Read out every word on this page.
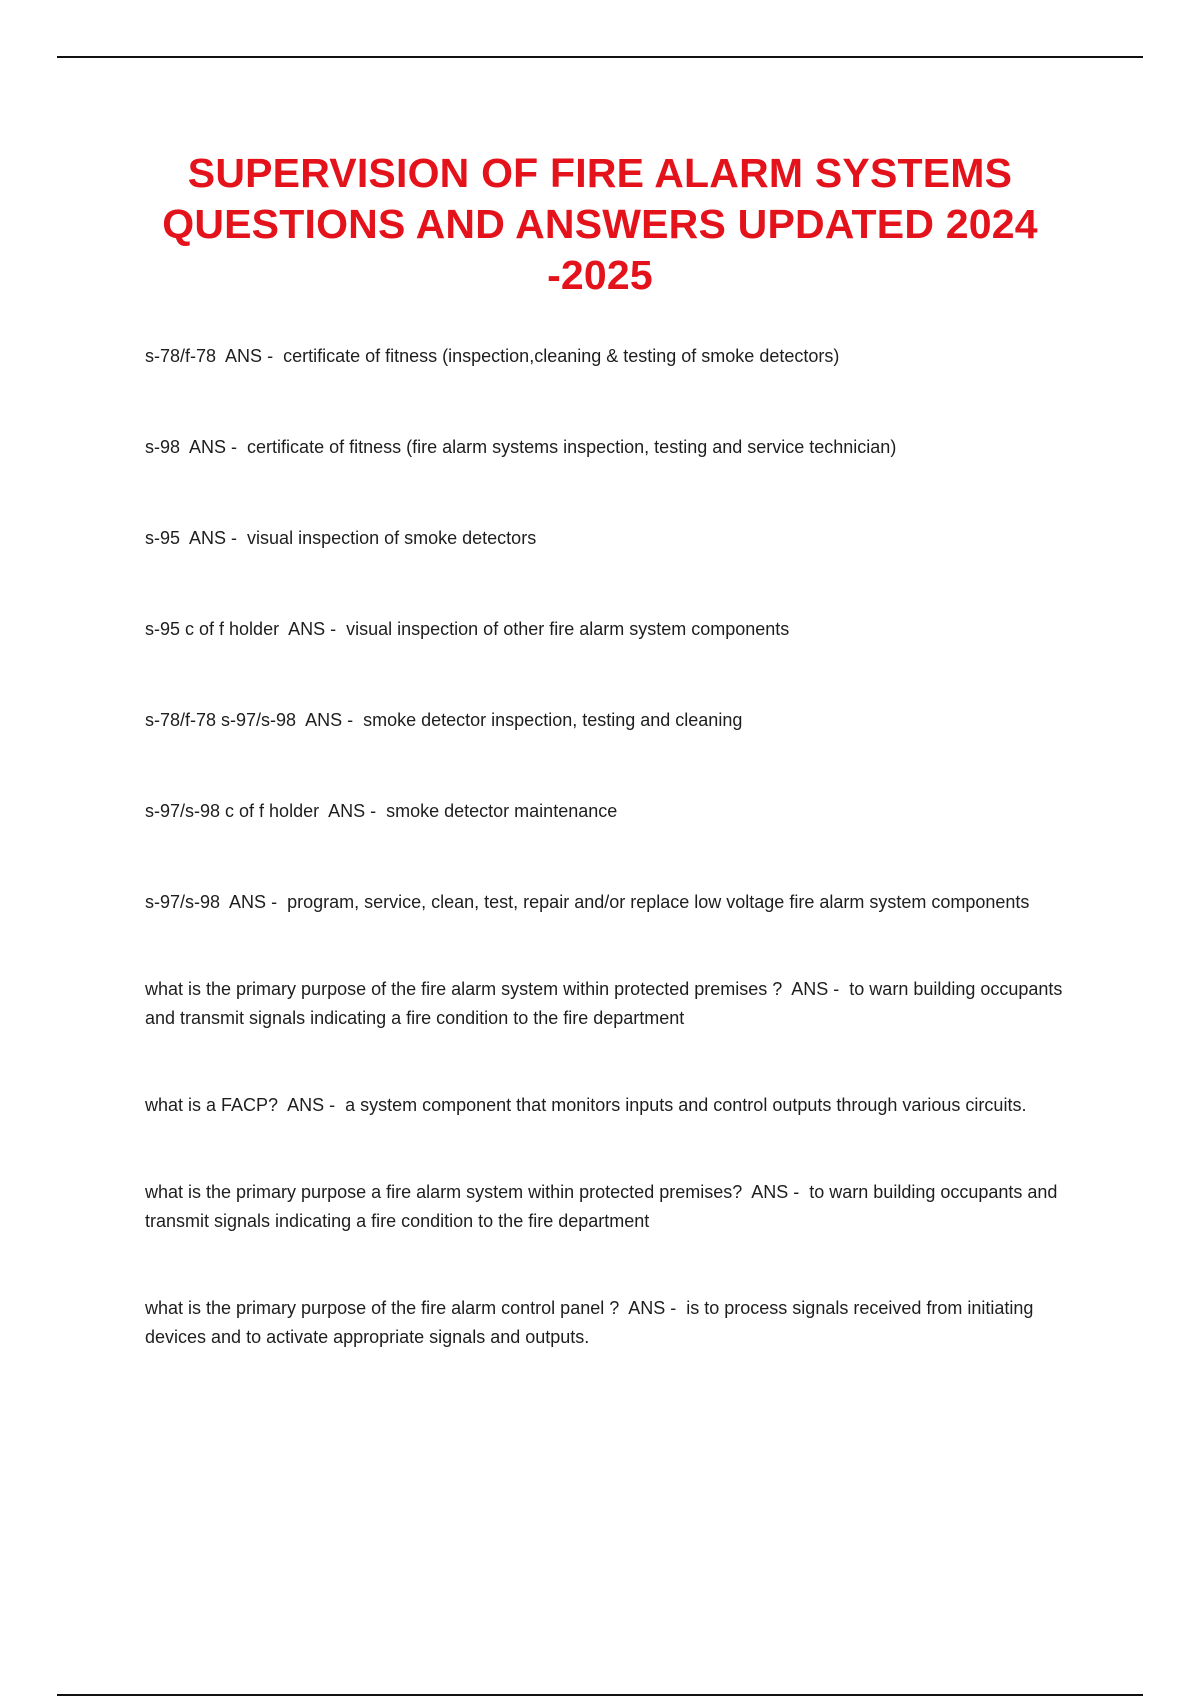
SUPERVISION OF FIRE ALARM SYSTEMS QUESTIONS AND ANSWERS UPDATED 2024 -2025
s-78/f-78  ANS -  certificate of fitness (inspection,cleaning & testing of smoke detectors)
s-98  ANS -  certificate of fitness (fire alarm systems inspection, testing and service technician)
s-95  ANS -  visual inspection of smoke detectors
s-95 c of f holder  ANS -  visual inspection of other fire alarm system components
s-78/f-78 s-97/s-98  ANS -  smoke detector inspection, testing and cleaning
s-97/s-98 c of f holder  ANS -  smoke detector maintenance
s-97/s-98  ANS -  program, service, clean, test, repair and/or replace low voltage fire alarm system components
what is the primary purpose of the fire alarm system within protected premises ?  ANS -  to warn building occupants and transmit signals indicating a fire condition to the fire department
what is a FACP?  ANS -  a system component that monitors inputs and control outputs through various circuits.
what is the primary purpose a fire alarm system within protected premises?  ANS -  to warn building occupants and transmit signals indicating a fire condition to the fire department
what is the primary purpose of the fire alarm control panel ?  ANS -  is to process signals received from initiating devices and to activate appropriate signals and outputs.
